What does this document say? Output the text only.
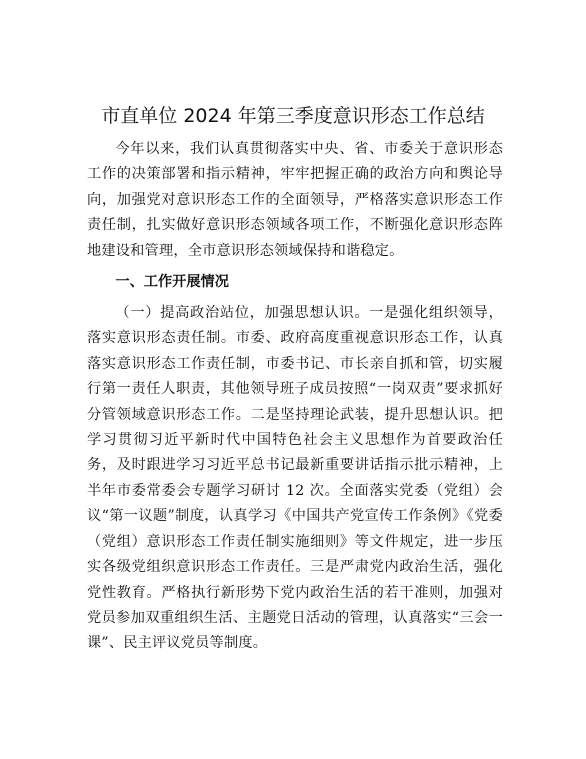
市直单位 2024 年第三季度意识形态工作总结

今年以来，我们认真贯彻落实中央、省、市委关于意识形态工作的决策部署和指示精神，牢牢把握正确的政治方向和舆论导向，加强党对意识形态工作的全面领导，严格落实意识形态工作责任制，扎实做好意识形态领域各项工作，不断强化意识形态阵地建设和管理，全市意识形态领域保持和谐稳定。

一、工作开展情况

（一）提高政治站位，加强思想认识。一是强化组织领导，落实意识形态责任制。市委、政府高度重视意识形态工作，认真落实意识形态工作责任制，市委书记、市长亲自抓和管，切实履行第一责任人职责，其他领导班子成员按照“一岗双责”要求抓好分管领域意识形态工作。二是坚持理论武装，提升思想认识。把学习贯彻习近平新时代中国特色社会主义思想作为首要政治任务，及时跟进学习习近平总书记最新重要讲话指示批示精神，上半年市委常委会专题学习研讨 12 次。全面落实党委（党组）会议“第一议题”制度，认真学习《中国共产党宣传工作条例》《党委（党组）意识形态工作责任制实施细则》等文件规定，进一步压实各级党组织意识形态工作责任。三是严肃党内政治生活，强化党性教育。严格执行新形势下党内政治生活的若干准则，加强对党员参加双重组织生活、主题党日活动的管理，认真落实“三会一课”、民主评议党员等制度。
